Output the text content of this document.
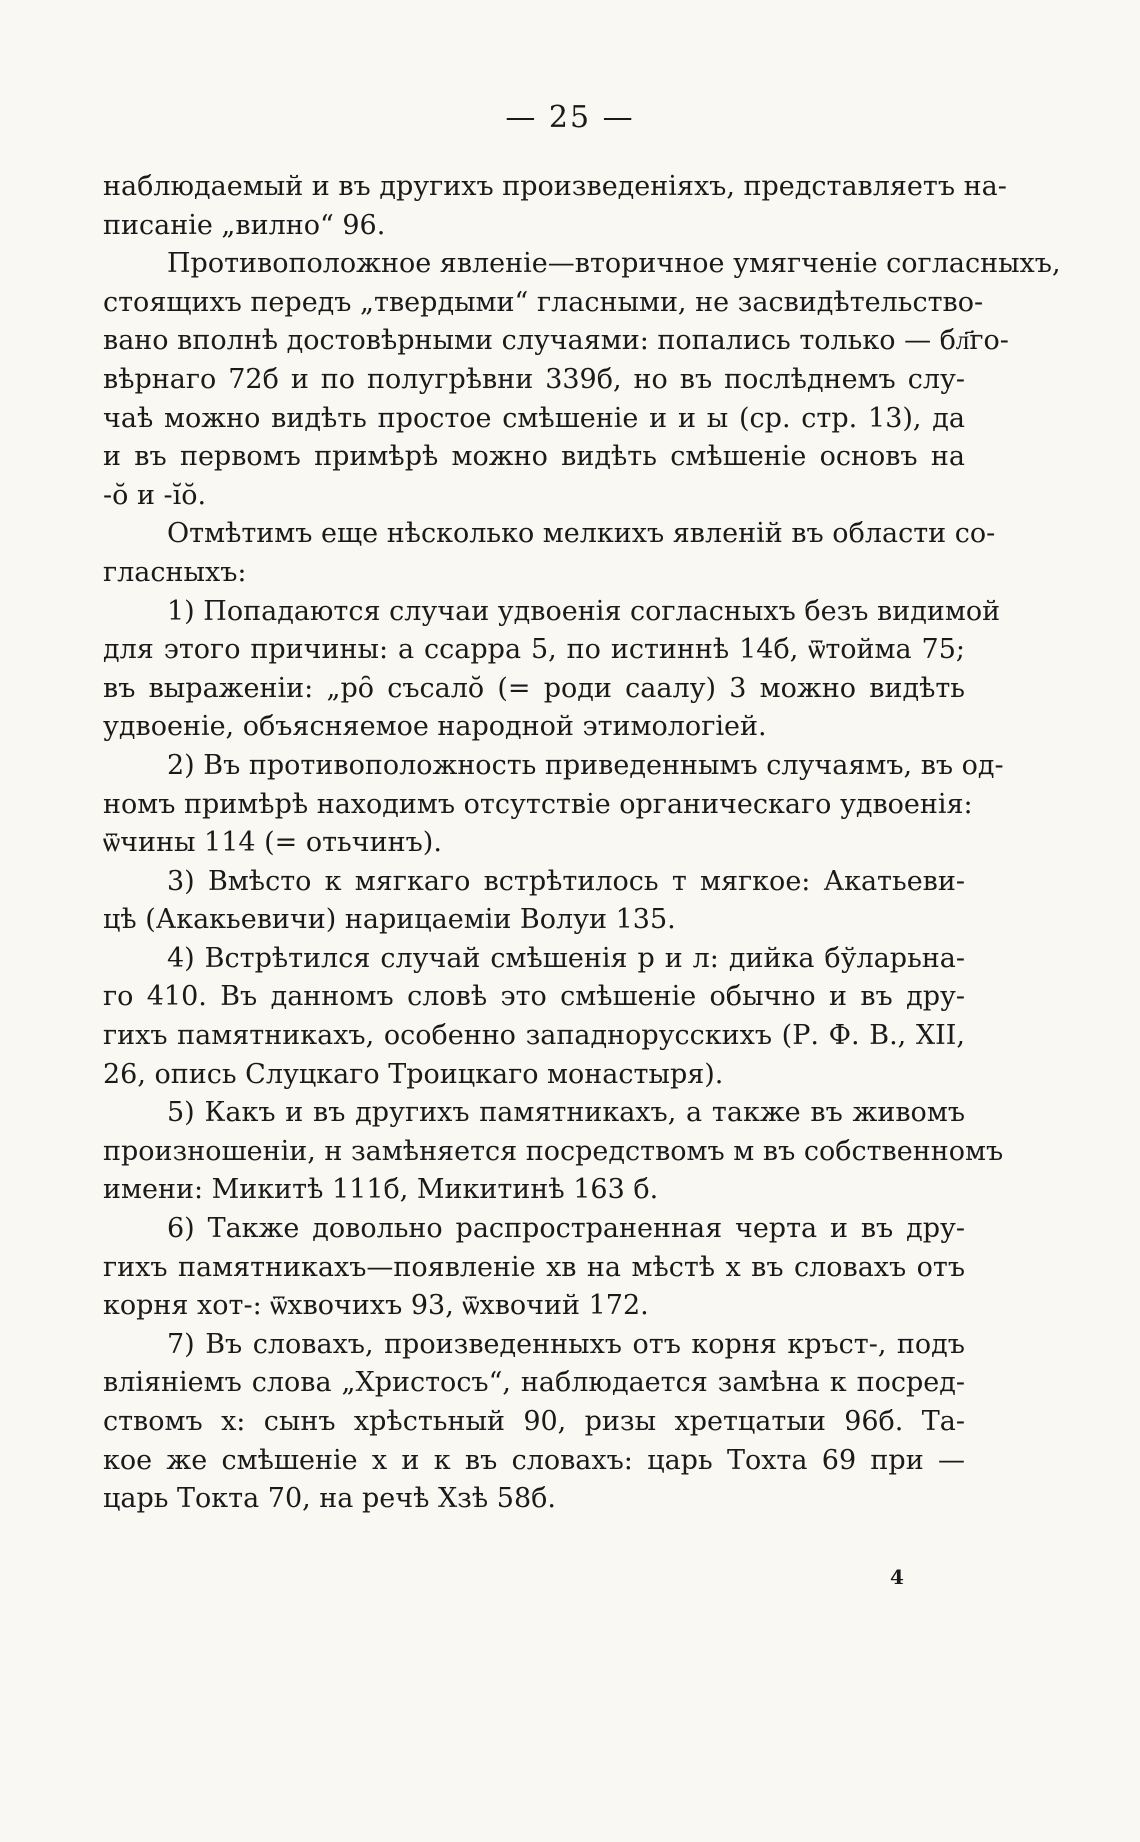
— 25 —
наблюдаемый и въ другихъ произведеніяхъ, представляетъ на-
писаніе „вилно“ 96.
Противоположное явленіе—вторичное умягченіе согласныхъ,
стоящихъ передъ „твердыми“ гласными, не засвидѣтельство-
вано вполнѣ достовѣрными случаями: попались только — бл҃го-
вѣрнаго 72б и по полугрѣвни 339б, но въ послѣднемъ слу-
чаѣ можно видѣть простое смѣшеніе и и ы (ср. стр. 13), да
и въ первомъ примѣрѣ можно видѣть смѣшеніе основъ на
-ŏ и -ĭŏ.
Отмѣтимъ еще нѣсколько мелкихъ явленій въ области со-
гласныхъ:
1) Попадаются случаи удвоенія согласныхъ безъ видимой
для этого причины: а ссарра 5, по истиннѣ 14б, ѿтойма 75;
въ выраженіи: „ро̑ съсало̆ (= роди саалу) 3 можно видѣть
удвоеніе, объясняемое народной этимологіей.
2) Въ противоположность приведеннымъ случаямъ, въ од-
номъ примѣрѣ находимъ отсутствіе органическаго удвоенія:
ѿчины 114 (= отьчинъ).
3) Вмѣсто к мягкаго встрѣтилось т мягкое: Акатьеви-
цѣ (Акакьевичи) нарицаеміи Волуи 135.
4) Встрѣтился случай смѣшенія р и л: дийка бўларьна-
го 410. Въ данномъ словѣ это смѣшеніе обычно и въ дру-
гихъ памятникахъ, особенно западнорусскихъ (Р. Ф. В., XII,
26, опись Слуцкаго Троицкаго монастыря).
5) Какъ и въ другихъ памятникахъ, а также въ живомъ
произношеніи, н замѣняется посредствомъ м въ собственномъ
имени: Микитѣ 111б, Микитинѣ 163 б.
6) Также довольно распространенная черта и въ дру-
гихъ памятникахъ—появленіе хв на мѣстѣ х въ словахъ отъ
корня хот-: ѿхвочихъ 93, ѿхвочий 172.
7) Въ словахъ, произведенныхъ отъ корня кръст-, подъ
вліяніемъ слова „Христосъ“, наблюдается замѣна к посред-
ствомъ х: сынъ хрѣстьный 90, ризы хретцатыи 96б. Та-
кое же смѣшеніе х и к въ словахъ: царь Тохта 69 при —
царь Токта 70, на речѣ Хзѣ 58б.
4
